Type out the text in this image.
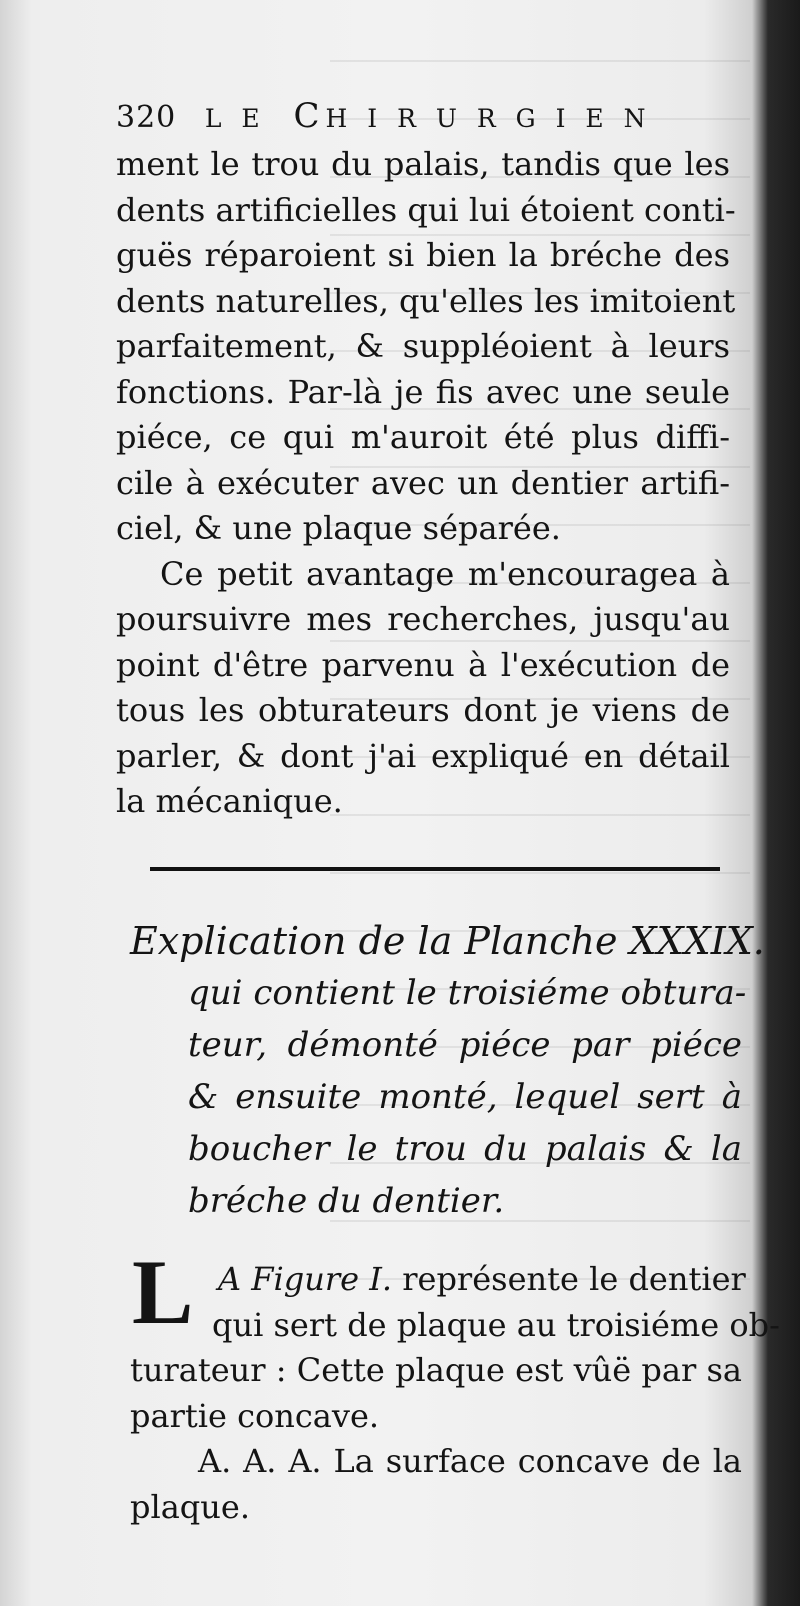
320 L E CH I R U R G I E N
ment le trou du palais, tandis que les
dents artificielles qui lui étoient conti-
guës réparoient si bien la bréche des
dents naturelles, qu'elles les imitoient
parfaitement, & suppléoient à leurs
fonctions. Par-là je fis avec une seule
piéce, ce qui m'auroit été plus diffi-
cile à exécuter avec un dentier artifi-
ciel, & une plaque séparée.
Ce petit avantage m'encouragea à
poursuivre mes recherches, jusqu'au
point d'être parvenu à l'exécution de
tous les obturateurs dont je viens de
parler, & dont j'ai expliqué en détail
la mécanique.
Explication de la Planche XXXIX.
qui contient le troisiéme obtura-
teur, démonté piéce par piéce
& ensuite monté, lequel sert à
boucher le trou du palais & la
bréche du dentier.
L A Figure I. représente le dentier
qui sert de plaque au troisiéme ob-
turateur : Cette plaque est vûë par sa
partie concave.
A. A. A. La surface concave de la
plaque.
